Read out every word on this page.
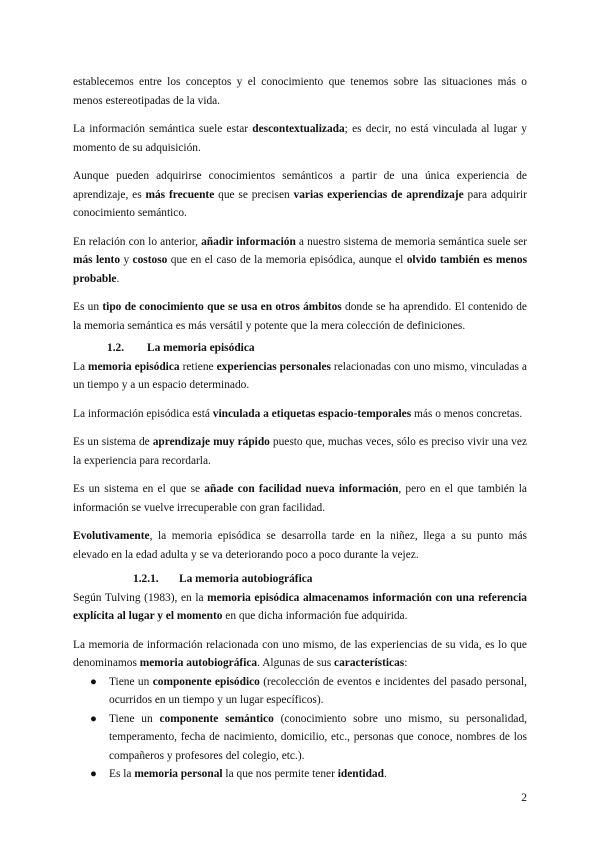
establecemos entre los conceptos y el conocimiento que tenemos sobre las situaciones más o menos estereotipadas de la vida.

La información semántica suele estar descontextualizada; es decir, no está vinculada al lugar y momento de su adquisición.

Aunque pueden adquirirse conocimientos semánticos a partir de una única experiencia de aprendizaje, es más frecuente que se precisen varias experiencias de aprendizaje para adquirir conocimiento semántico.

En relación con lo anterior, añadir información a nuestro sistema de memoria semántica suele ser más lento y costoso que en el caso de la memoria episódica, aunque el olvido también es menos probable.

Es un tipo de conocimiento que se usa en otros ámbitos donde se ha aprendido. El contenido de la memoria semántica es más versátil y potente que la mera colección de definiciones.

1.2. La memoria episódica

La memoria episódica retiene experiencias personales relacionadas con uno mismo, vinculadas a un tiempo y a un espacio determinado.

La información episódica está vinculada a etiquetas espacio-temporales más o menos concretas.

Es un sistema de aprendizaje muy rápido puesto que, muchas veces, sólo es preciso vivir una vez la experiencia para recordarla.

Es un sistema en el que se añade con facilidad nueva información, pero en el que también la información se vuelve irrecuperable con gran facilidad.

Evolutivamente, la memoria episódica se desarrolla tarde en la niñez, llega a su punto más elevado en la edad adulta y se va deteriorando poco a poco durante la vejez.

1.2.1. La memoria autobiográfica

Según Tulving (1983), en la memoria episódica almacenamos información con una referencia explícita al lugar y el momento en que dicha información fue adquirida.

La memoria de información relacionada con uno mismo, de las experiencias de su vida, es lo que denominamos memoria autobiográfica. Algunas de sus características:

● Tiene un componente episódico (recolección de eventos e incidentes del pasado personal, ocurridos en un tiempo y un lugar específicos).
● Tiene un componente semántico (conocimiento sobre uno mismo, su personalidad, temperamento, fecha de nacimiento, domicilio, etc., personas que conoce, nombres de los compañeros y profesores del colegio, etc.).
● Es la memoria personal la que nos permite tener identidad.
2
